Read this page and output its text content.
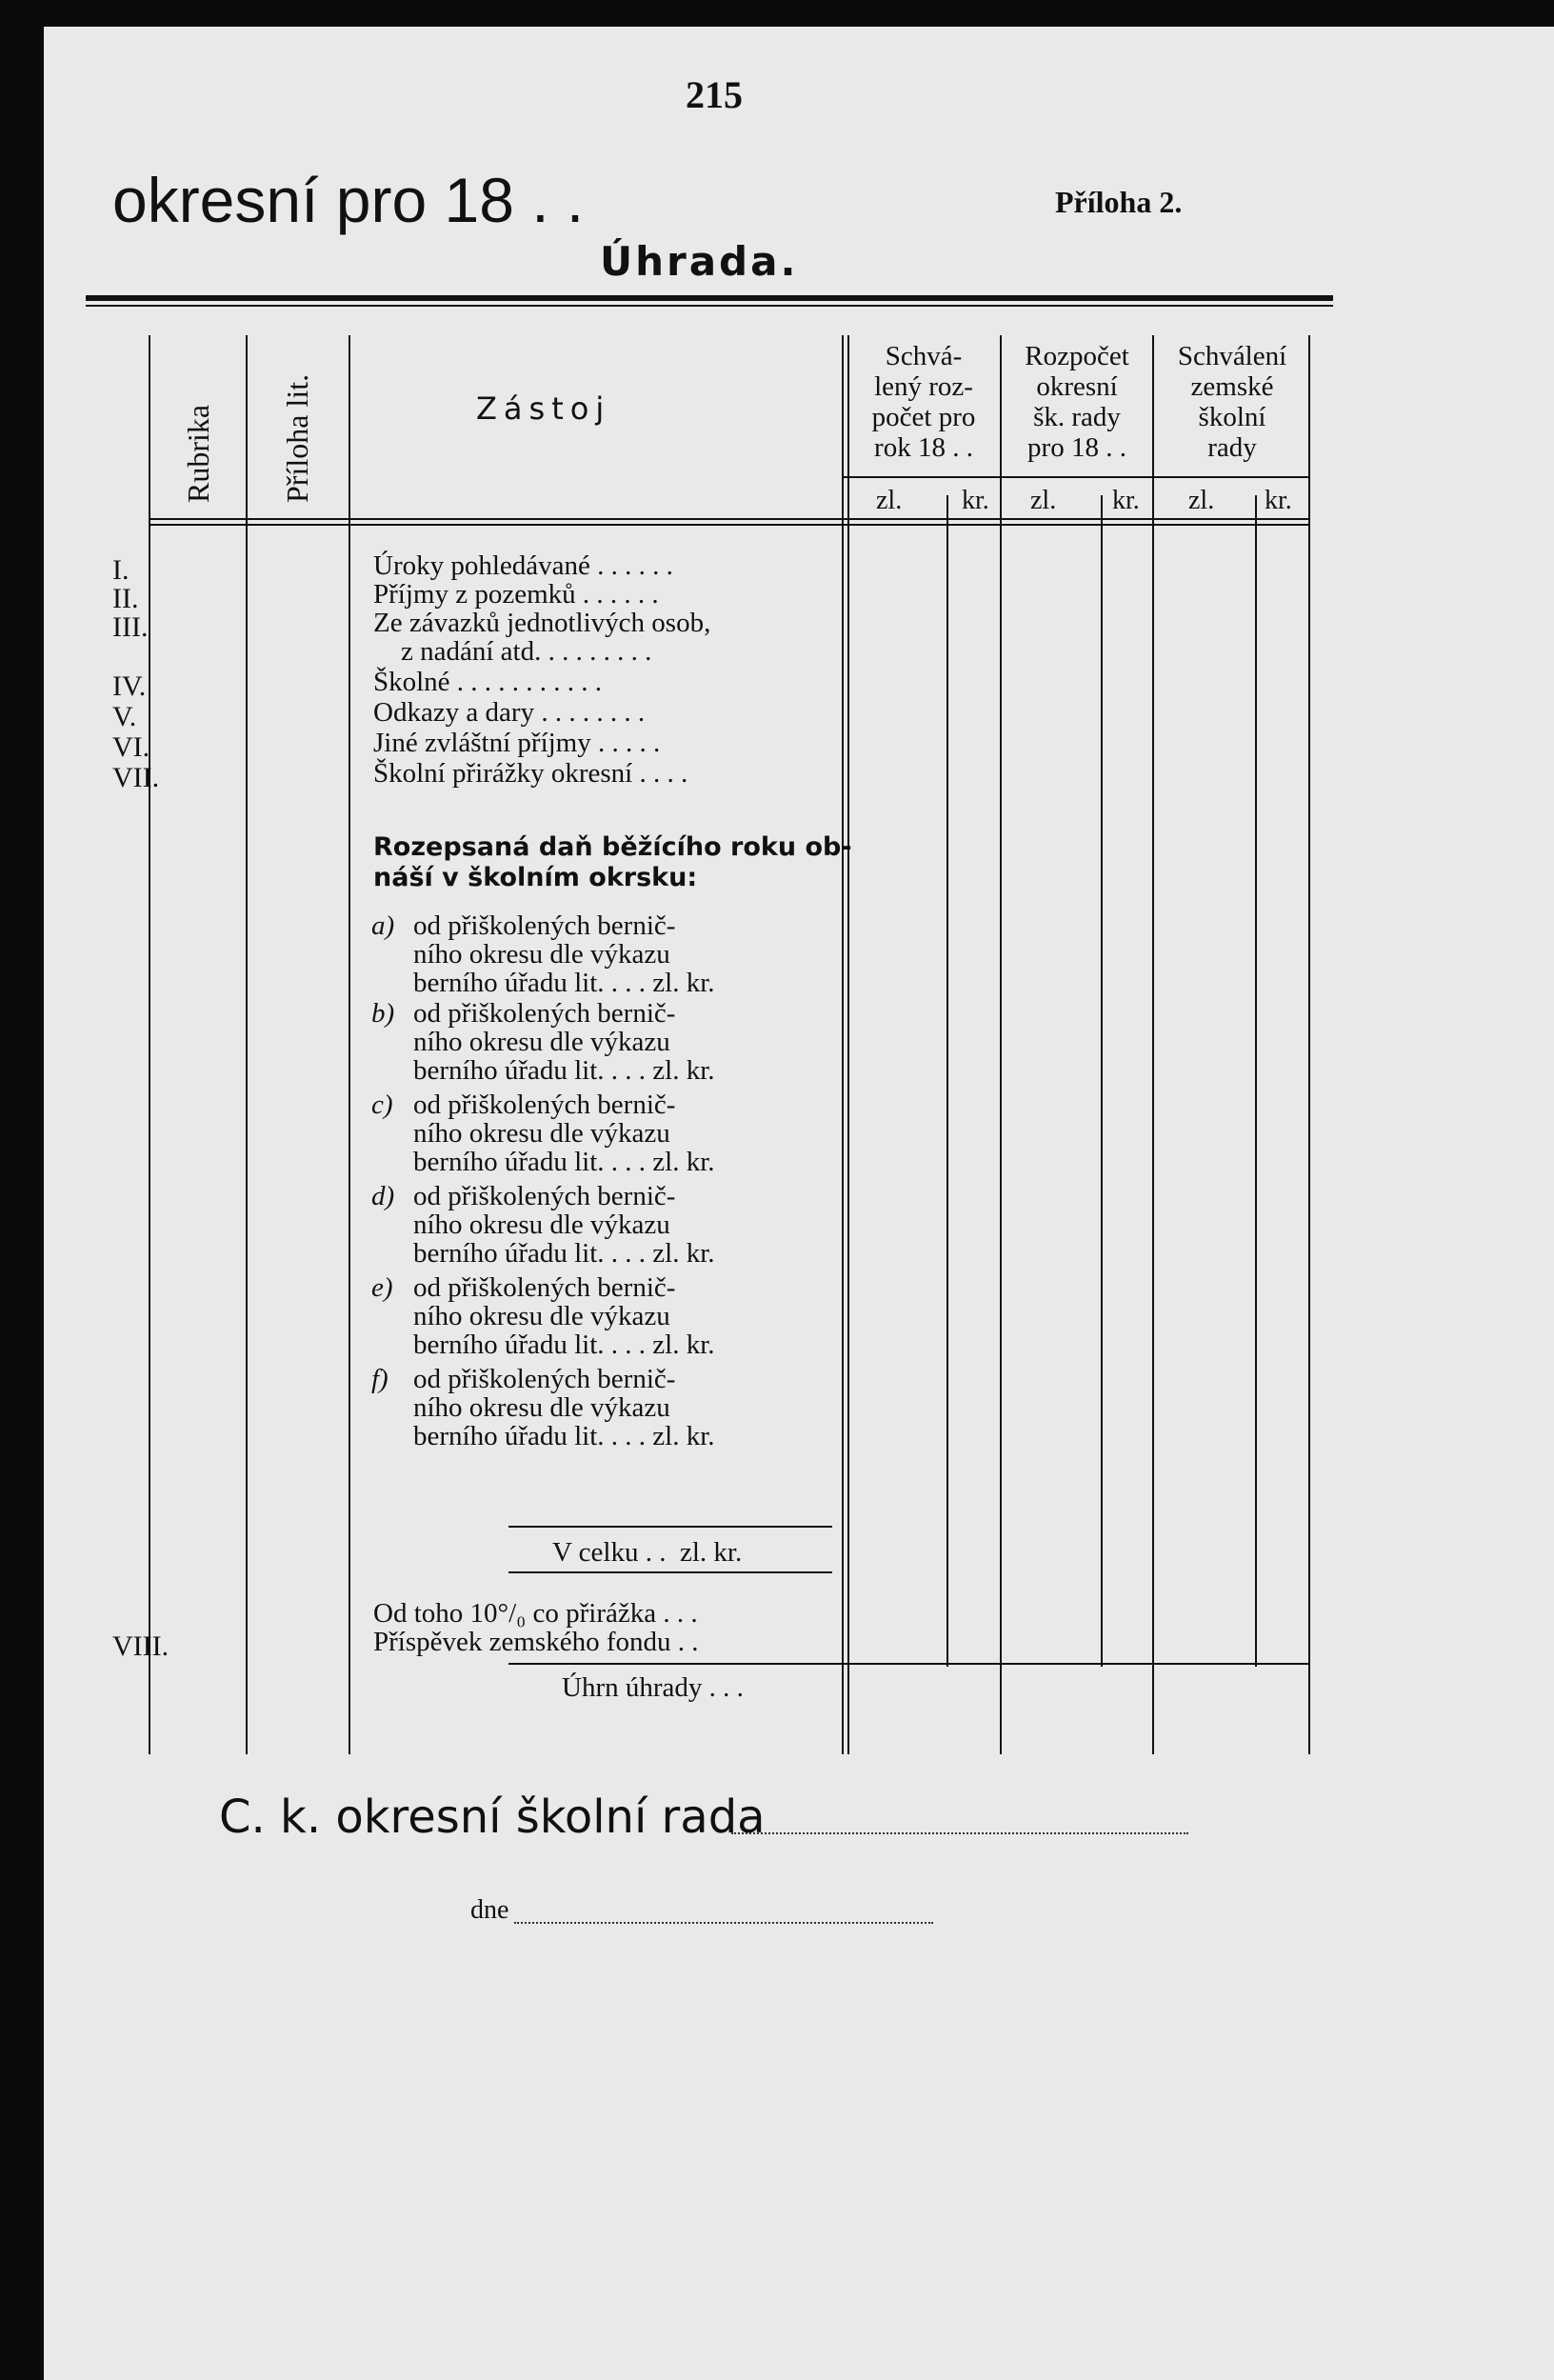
215
okresní pro 18 . .	Příloha 2.
Úhrada.
Rubrika Příloha lit.	Zástoj
Schvá-
lený roz-
počet pro
rok 18 . .
Rozpočet
okresní
šk. rady
pro 18 . .
Schválení
zemské
školní
rady
zl. kr. zl. kr. zl. kr.
I.	Úroky pohledávané . . . . . .
II.	Příjmy z pozemků . . . . . .
III.	Ze závazků jednotlivých osob,
z nadání atd. . . . . . . . .
IV.	Školné . . . . . . . . . . .
V.	Odkazy a dary . . . . . . . .
VI.	Jiné zvláštní příjmy . . . . .
VII.	Školní přirážky okresní . . . .
Rozepsaná daň běžícího roku ob-
náší v školním okrsku:
a) od přiškolených bernič-
ního okresu dle výkazu
berního úřadu lit. . . . zl. kr.
b) od přiškolených bernič-
ního okresu dle výkazu
berního úřadu lit. . . . zl. kr.
c) od přiškolených bernič-
ního okresu dle výkazu
berního úřadu lit. . . . zl. kr.
d) od přiškolených bernič-
ního okresu dle výkazu
berního úřadu lit. . . . zl. kr.
e) od přiškolených bernič-
ního okresu dle výkazu
berního úřadu lit. . . . zl. kr.
f) od přiškolených bernič-
ního okresu dle výkazu
berního úřadu lit. . . . zl. kr.
V celku . .  zl. kr.
Od toho 10°/₀ co přirážka . . .
VIII.	Příspěvek zemského fondu . .
Úhrn úhrady . . .
C. k. okresní školní rada
dne
